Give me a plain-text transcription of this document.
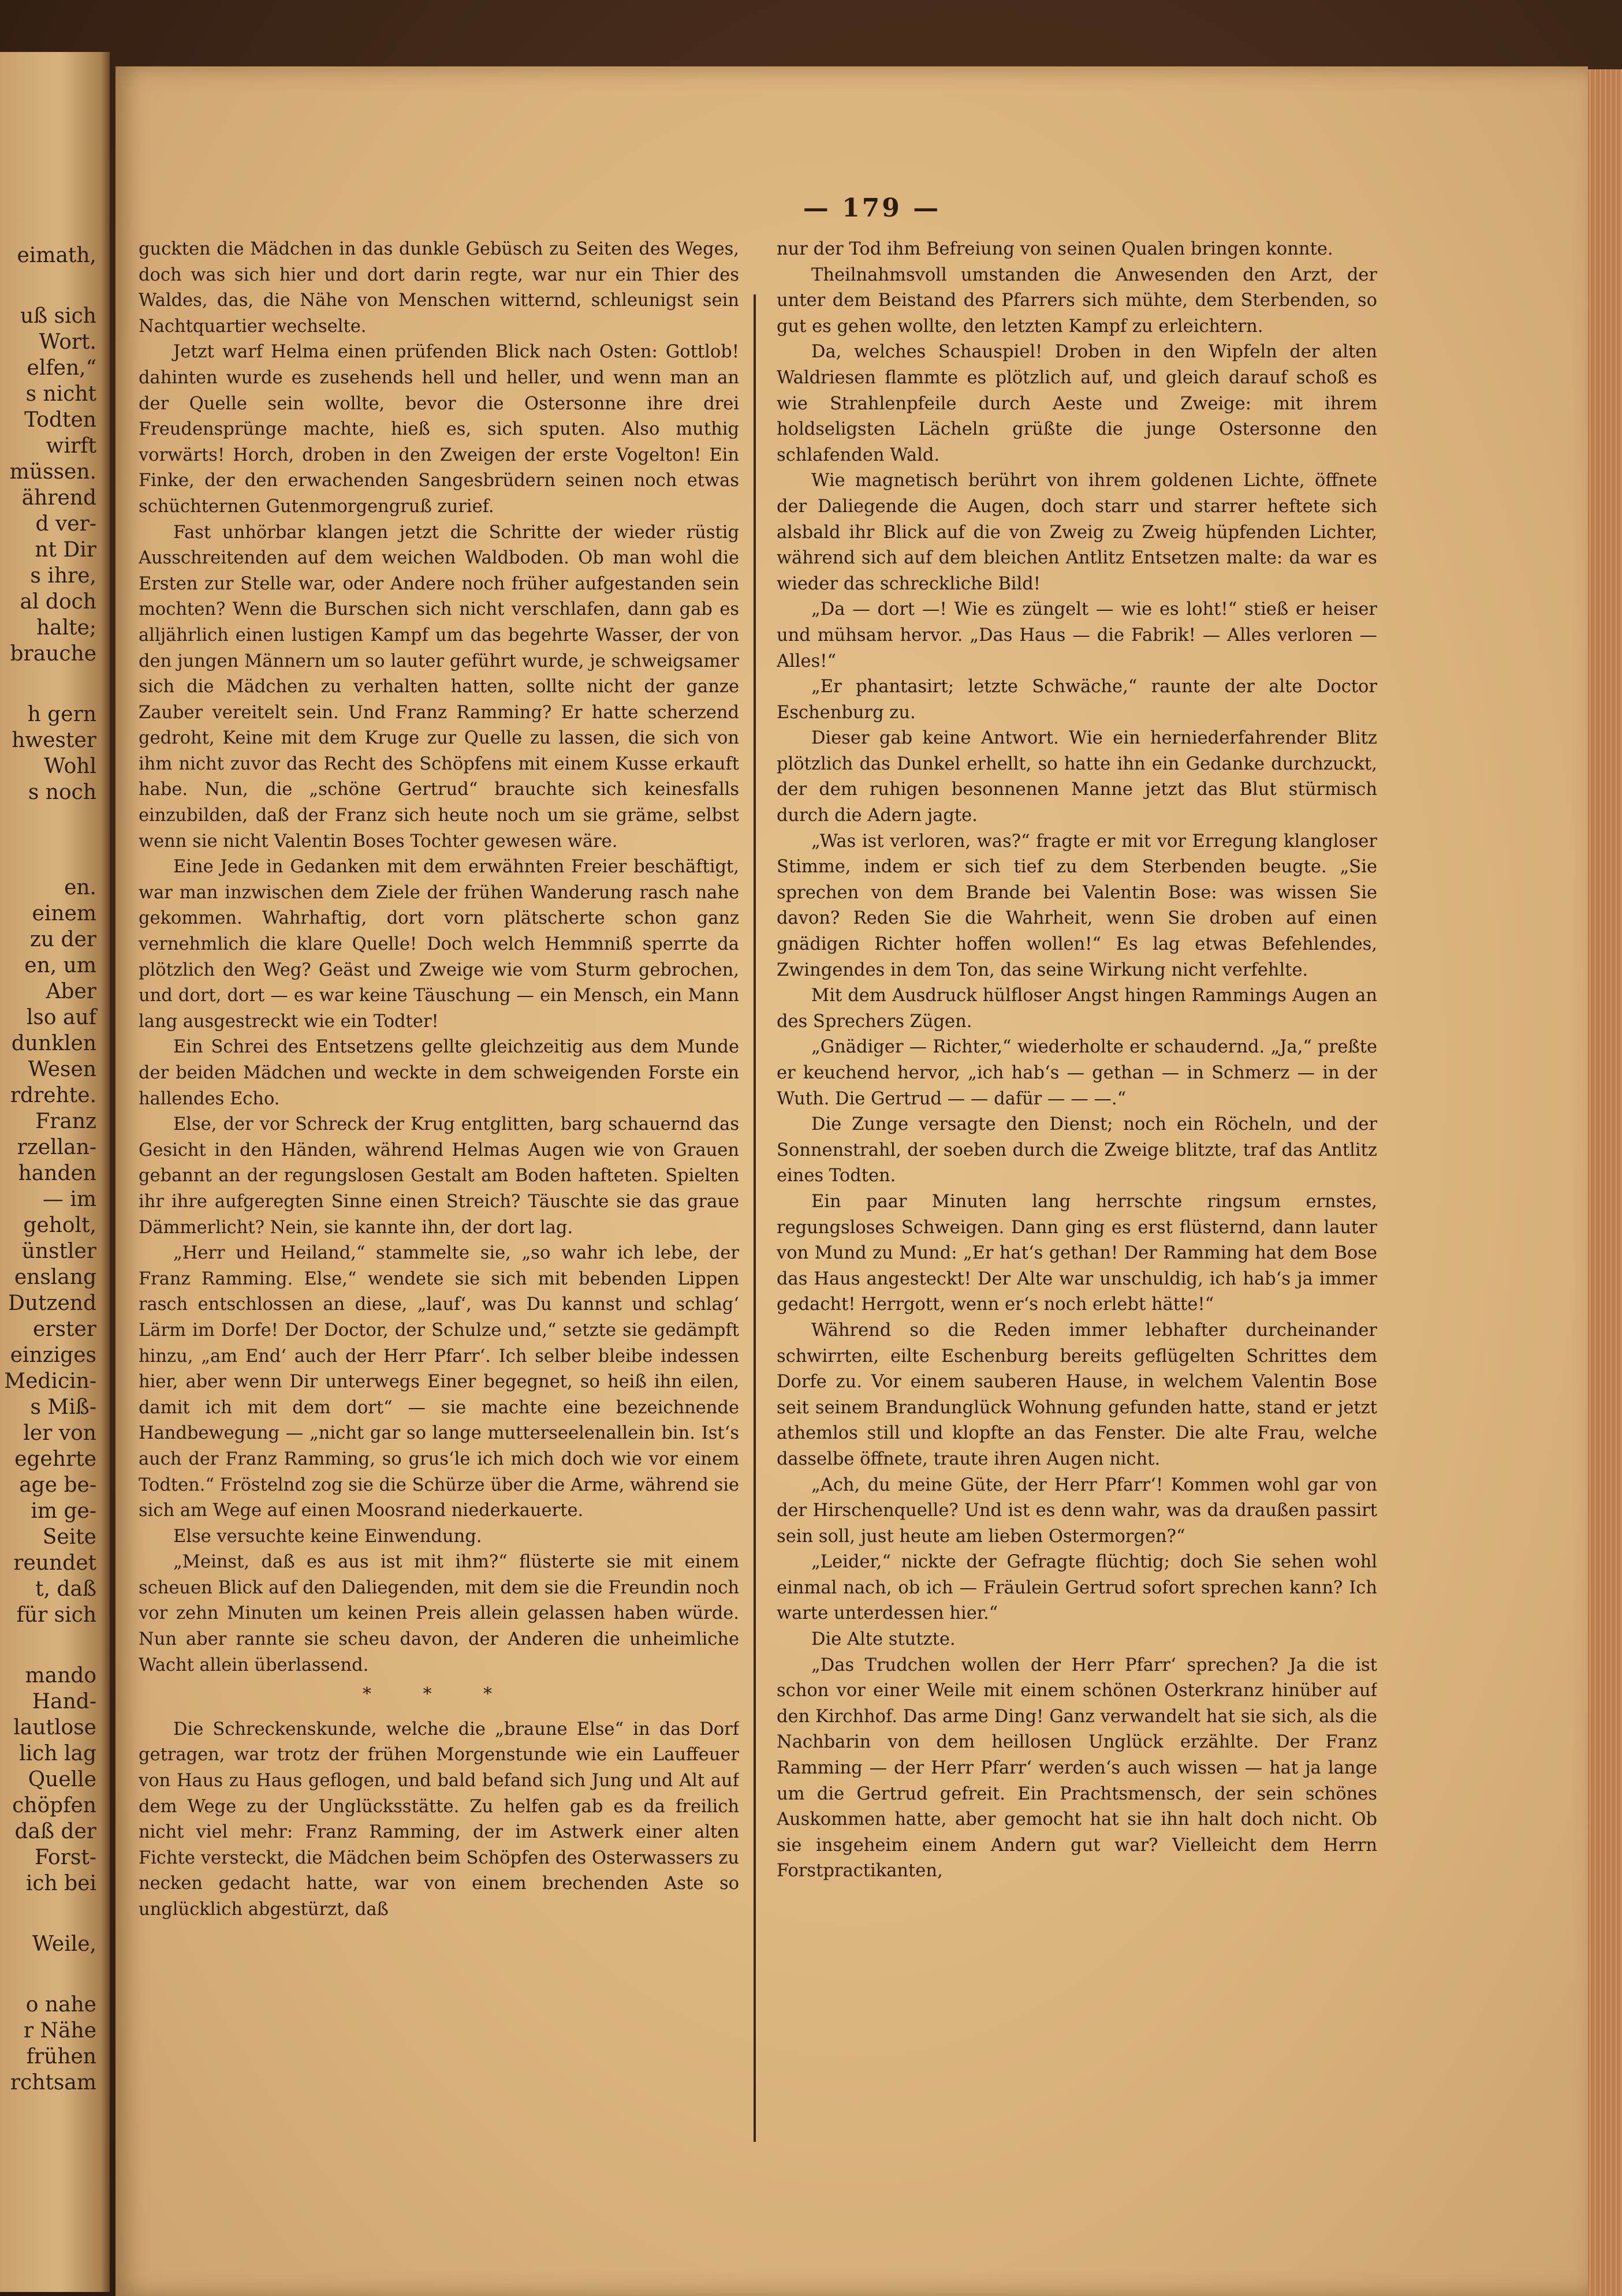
eimath,
uß sich
Wort.
elfen,“
s nicht
Todten
wirft
müssen.
ährend
d ver-
nt Dir
s ihre,
al doch
halte;
brauche
h gern
hwester
Wohl
s noch
en.
einem
zu der
en, um
Aber
lso auf
dunklen
Wesen
rdrehte.
Franz
rzellan-
handen
— im
geholt,
ünstler
enslang
Dutzend
erster
einziges
Medicin-
s Miß-
ler von
egehrte
age be-
im ge-
Seite
reundet
t, daß
für sich
mando
Hand-
lautlose
lich lag
Quelle
chöpfen
daß der
Forst-
ich bei
Weile,
o nahe
r Nähe
frühen
rchtsam
— 179 —

guckten die Mädchen in das dunkle Gebüsch zu Seiten des Weges, doch was sich hier und dort darin regte, war nur ein Thier des Waldes, das, die Nähe von Menschen witternd, schleunigst sein Nachtquartier wechselte.

Jetzt warf Helma einen prüfenden Blick nach Osten: Gottlob! dahinten wurde es zusehends hell und heller, und wenn man an der Quelle sein wollte, bevor die Ostersonne ihre drei Freudensprünge machte, hieß es, sich sputen. Also muthig vorwärts! Horch, droben in den Zweigen der erste Vogelton! Ein Finke, der den erwachenden Sangesbrüdern seinen noch etwas schüchternen Gutenmorgengruß zurief.

Fast unhörbar klangen jetzt die Schritte der wieder rüstig Ausschreitenden auf dem weichen Waldboden. Ob man wohl die Ersten zur Stelle war, oder Andere noch früher aufgestanden sein mochten? Wenn die Burschen sich nicht verschlafen, dann gab es alljährlich einen lustigen Kampf um das begehrte Wasser, der von den jungen Männern um so lauter geführt wurde, je schweigsamer sich die Mädchen zu verhalten hatten, sollte nicht der ganze Zauber vereitelt sein. Und Franz Ramming? Er hatte scherzend gedroht, Keine mit dem Kruge zur Quelle zu lassen, die sich von ihm nicht zuvor das Recht des Schöpfens mit einem Kusse erkauft habe. Nun, die „schöne Gertrud“ brauchte sich keinesfalls einzubilden, daß der Franz sich heute noch um sie gräme, selbst wenn sie nicht Valentin Boses Tochter gewesen wäre.

Eine Jede in Gedanken mit dem erwähnten Freier beschäftigt, war man inzwischen dem Ziele der frühen Wanderung rasch nahe gekommen. Wahrhaftig, dort vorn plätscherte schon ganz vernehmlich die klare Quelle! Doch welch Hemmniß sperrte da plötzlich den Weg? Geäst und Zweige wie vom Sturm gebrochen, und dort, dort — es war keine Täuschung — ein Mensch, ein Mann lang ausgestreckt wie ein Todter!

Ein Schrei des Entsetzens gellte gleichzeitig aus dem Munde der beiden Mädchen und weckte in dem schweigenden Forste ein hallendes Echo.

Else, der vor Schreck der Krug entglitten, barg schauernd das Gesicht in den Händen, während Helmas Augen wie von Grauen gebannt an der regungslosen Gestalt am Boden hafteten. Spielten ihr ihre aufgeregten Sinne einen Streich? Täuschte sie das graue Dämmerlicht? Nein, sie kannte ihn, der dort lag.

„Herr und Heiland,“ stammelte sie, „so wahr ich lebe, der Franz Ramming. Else,“ wendete sie sich mit bebenden Lippen rasch entschlossen an diese, „lauf‘, was Du kannst und schlag‘ Lärm im Dorfe! Der Doctor, der Schulze und,“ setzte sie gedämpft hinzu, „am End‘ auch der Herr Pfarr‘. Ich selber bleibe indessen hier, aber wenn Dir unterwegs Einer begegnet, so heiß ihn eilen, damit ich mit dem dort“ — sie machte eine bezeichnende Handbewegung — „nicht gar so lange mutterseelenallein bin. Ist‘s auch der Franz Ramming, so grus‘le ich mich doch wie vor einem Todten.“ Fröstelnd zog sie die Schürze über die Arme, während sie sich am Wege auf einen Moosrand niederkauerte.

Else versuchte keine Einwendung.

„Meinst, daß es aus ist mit ihm?“ flüsterte sie mit einem scheuen Blick auf den Daliegenden, mit dem sie die Freundin noch vor zehn Minuten um keinen Preis allein gelassen haben würde. Nun aber rannte sie scheu davon, der Anderen die unheimliche Wacht allein überlassend.

* * *

Die Schreckenskunde, welche die „braune Else“ in das Dorf getragen, war trotz der frühen Morgenstunde wie ein Lauffeuer von Haus zu Haus geflogen, und bald befand sich Jung und Alt auf dem Wege zu der Unglücksstätte. Zu helfen gab es da freilich nicht viel mehr: Franz Ramming, der im Astwerk einer alten Fichte versteckt, die Mädchen beim Schöpfen des Osterwassers zu necken gedacht hatte, war von einem brechenden Aste so unglücklich abgestürzt, daß

nur der Tod ihm Befreiung von seinen Qualen bringen konnte.

Theilnahmsvoll umstanden die Anwesenden den Arzt, der unter dem Beistand des Pfarrers sich mühte, dem Sterbenden, so gut es gehen wollte, den letzten Kampf zu erleichtern.

Da, welches Schauspiel! Droben in den Wipfeln der alten Waldriesen flammte es plötzlich auf, und gleich darauf schoß es wie Strahlenpfeile durch Aeste und Zweige: mit ihrem holdseligsten Lächeln grüßte die junge Ostersonne den schlafenden Wald.

Wie magnetisch berührt von ihrem goldenen Lichte, öffnete der Daliegende die Augen, doch starr und starrer heftete sich alsbald ihr Blick auf die von Zweig zu Zweig hüpfenden Lichter, während sich auf dem bleichen Antlitz Entsetzen malte: da war es wieder das schreckliche Bild!

„Da — dort —! Wie es züngelt — wie es loht!“ stieß er heiser und mühsam hervor. „Das Haus — die Fabrik! — Alles verloren — Alles!“

„Er phantasirt; letzte Schwäche,“ raunte der alte Doctor Eschenburg zu.

Dieser gab keine Antwort. Wie ein herniederfahrender Blitz plötzlich das Dunkel erhellt, so hatte ihn ein Gedanke durchzuckt, der dem ruhigen besonnenen Manne jetzt das Blut stürmisch durch die Adern jagte.

„Was ist verloren, was?“ fragte er mit vor Erregung klangloser Stimme, indem er sich tief zu dem Sterbenden beugte. „Sie sprechen von dem Brande bei Valentin Bose: was wissen Sie davon? Reden Sie die Wahrheit, wenn Sie droben auf einen gnädigen Richter hoffen wollen!“ Es lag etwas Befehlendes, Zwingendes in dem Ton, das seine Wirkung nicht verfehlte.

Mit dem Ausdruck hülfloser Angst hingen Rammings Augen an des Sprechers Zügen.

„Gnädiger — Richter,“ wiederholte er schaudernd. „Ja,“ preßte er keuchend hervor, „ich hab‘s — gethan — in Schmerz — in der Wuth. Die Gertrud — — dafür — — —.“

Die Zunge versagte den Dienst; noch ein Röcheln, und der Sonnenstrahl, der soeben durch die Zweige blitzte, traf das Antlitz eines Todten.

Ein paar Minuten lang herrschte ringsum ernstes, regungsloses Schweigen. Dann ging es erst flüsternd, dann lauter von Mund zu Mund: „Er hat‘s gethan! Der Ramming hat dem Bose das Haus angesteckt! Der Alte war unschuldig, ich hab‘s ja immer gedacht! Herrgott, wenn er‘s noch erlebt hätte!“

Während so die Reden immer lebhafter durcheinander schwirrten, eilte Eschenburg bereits geflügelten Schrittes dem Dorfe zu. Vor einem sauberen Hause, in welchem Valentin Bose seit seinem Brandunglück Wohnung gefunden hatte, stand er jetzt athemlos still und klopfte an das Fenster. Die alte Frau, welche dasselbe öffnete, traute ihren Augen nicht.

„Ach, du meine Güte, der Herr Pfarr‘! Kommen wohl gar von der Hirschenquelle? Und ist es denn wahr, was da draußen passirt sein soll, just heute am lieben Ostermorgen?“

„Leider,“ nickte der Gefragte flüchtig; doch Sie sehen wohl einmal nach, ob ich — Fräulein Gertrud sofort sprechen kann? Ich warte unterdessen hier.“

Die Alte stutzte.

„Das Trudchen wollen der Herr Pfarr‘ sprechen? Ja die ist schon vor einer Weile mit einem schönen Osterkranz hinüber auf den Kirchhof. Das arme Ding! Ganz verwandelt hat sie sich, als die Nachbarin von dem heillosen Unglück erzählte. Der Franz Ramming — der Herr Pfarr‘ werden‘s auch wissen — hat ja lange um die Gertrud gefreit. Ein Prachtsmensch, der sein schönes Auskommen hatte, aber gemocht hat sie ihn halt doch nicht. Ob sie insgeheim einem Andern gut war? Vielleicht dem Herrn Forstpractikanten,
